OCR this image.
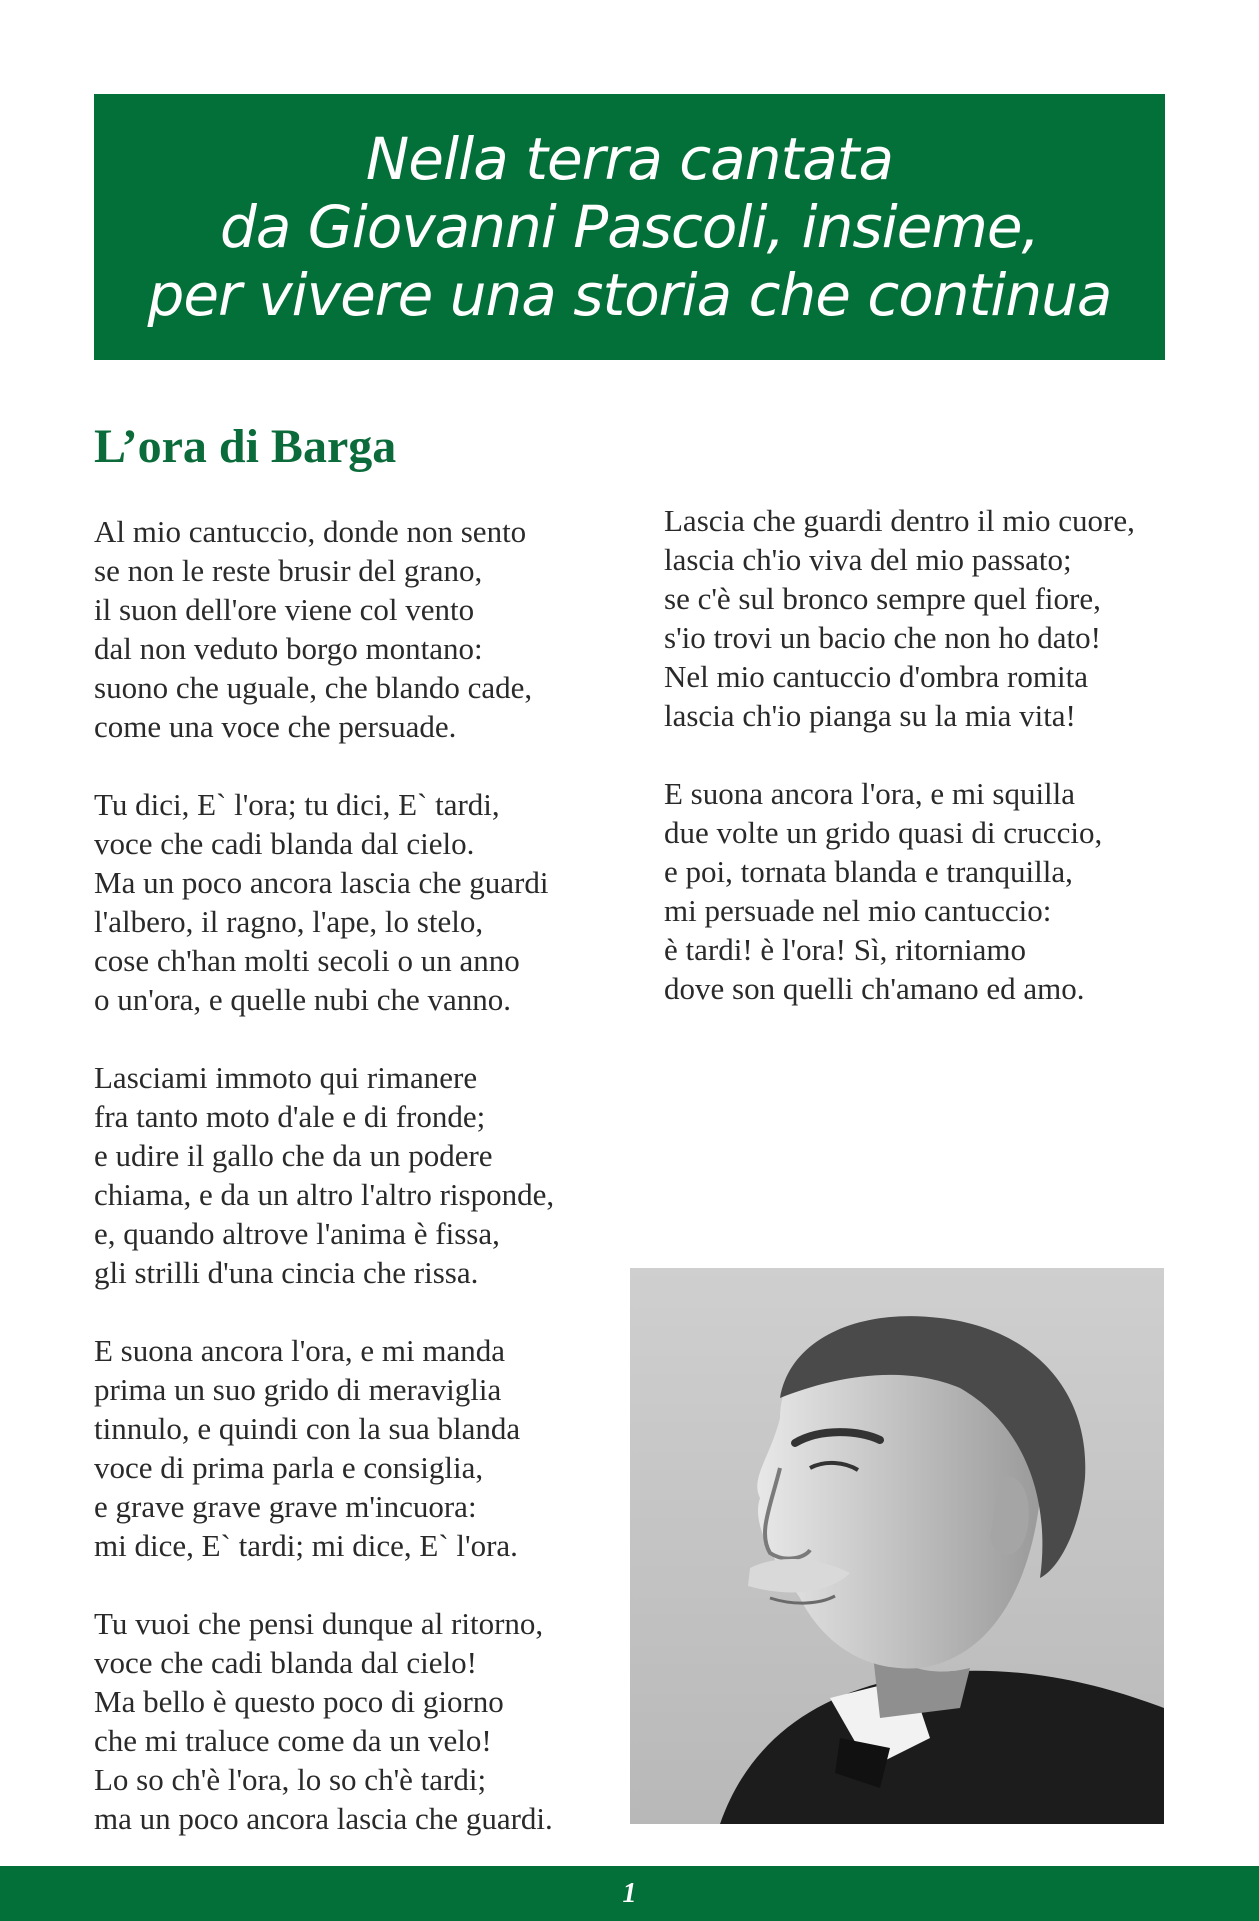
Nella terra cantata
da Giovanni Pascoli, insieme,
per vivere una storia che continua
L’ora di Barga
Al mio cantuccio, donde non sento
se non le reste brusir del grano,
il suon dell'ore viene col vento
dal non veduto borgo montano:
suono che uguale, che blando cade,
come una voce che persuade.
Tu dici, E` l'ora; tu dici, E` tardi,
voce che cadi blanda dal cielo.
Ma un poco ancora lascia che guardi
l'albero, il ragno, l'ape, lo stelo,
cose ch'han molti secoli o un anno
o un'ora, e quelle nubi che vanno.
Lasciami immoto qui rimanere
fra tanto moto d'ale e di fronde;
e udire il gallo che da un podere
chiama, e da un altro l'altro risponde,
e, quando altrove l'anima è fissa,
gli strilli d'una cincia che rissa.
E suona ancora l'ora, e mi manda
prima un suo grido di meraviglia
tinnulo, e quindi con la sua blanda
voce di prima parla e consiglia,
e grave grave grave m'incuora:
mi dice, E` tardi; mi dice, E` l'ora.
Tu vuoi che pensi dunque al ritorno,
voce che cadi blanda dal cielo!
Ma bello è questo poco di giorno
che mi traluce come da un velo!
Lo so ch'è l'ora, lo so ch'è tardi;
ma un poco ancora lascia che guardi.
Lascia che guardi dentro il mio cuore,
lascia ch'io viva del mio passato;
se c'è sul bronco sempre quel fiore,
s'io trovi un bacio che non ho dato!
Nel mio cantuccio d'ombra romita
lascia ch'io pianga su la mia vita!
E suona ancora l'ora, e mi squilla
due volte un grido quasi di cruccio,
e poi, tornata blanda e tranquilla,
mi persuade nel mio cantuccio:
è tardi! è l'ora! Sì, ritorniamo
dove son quelli ch'amano ed amo.
1
